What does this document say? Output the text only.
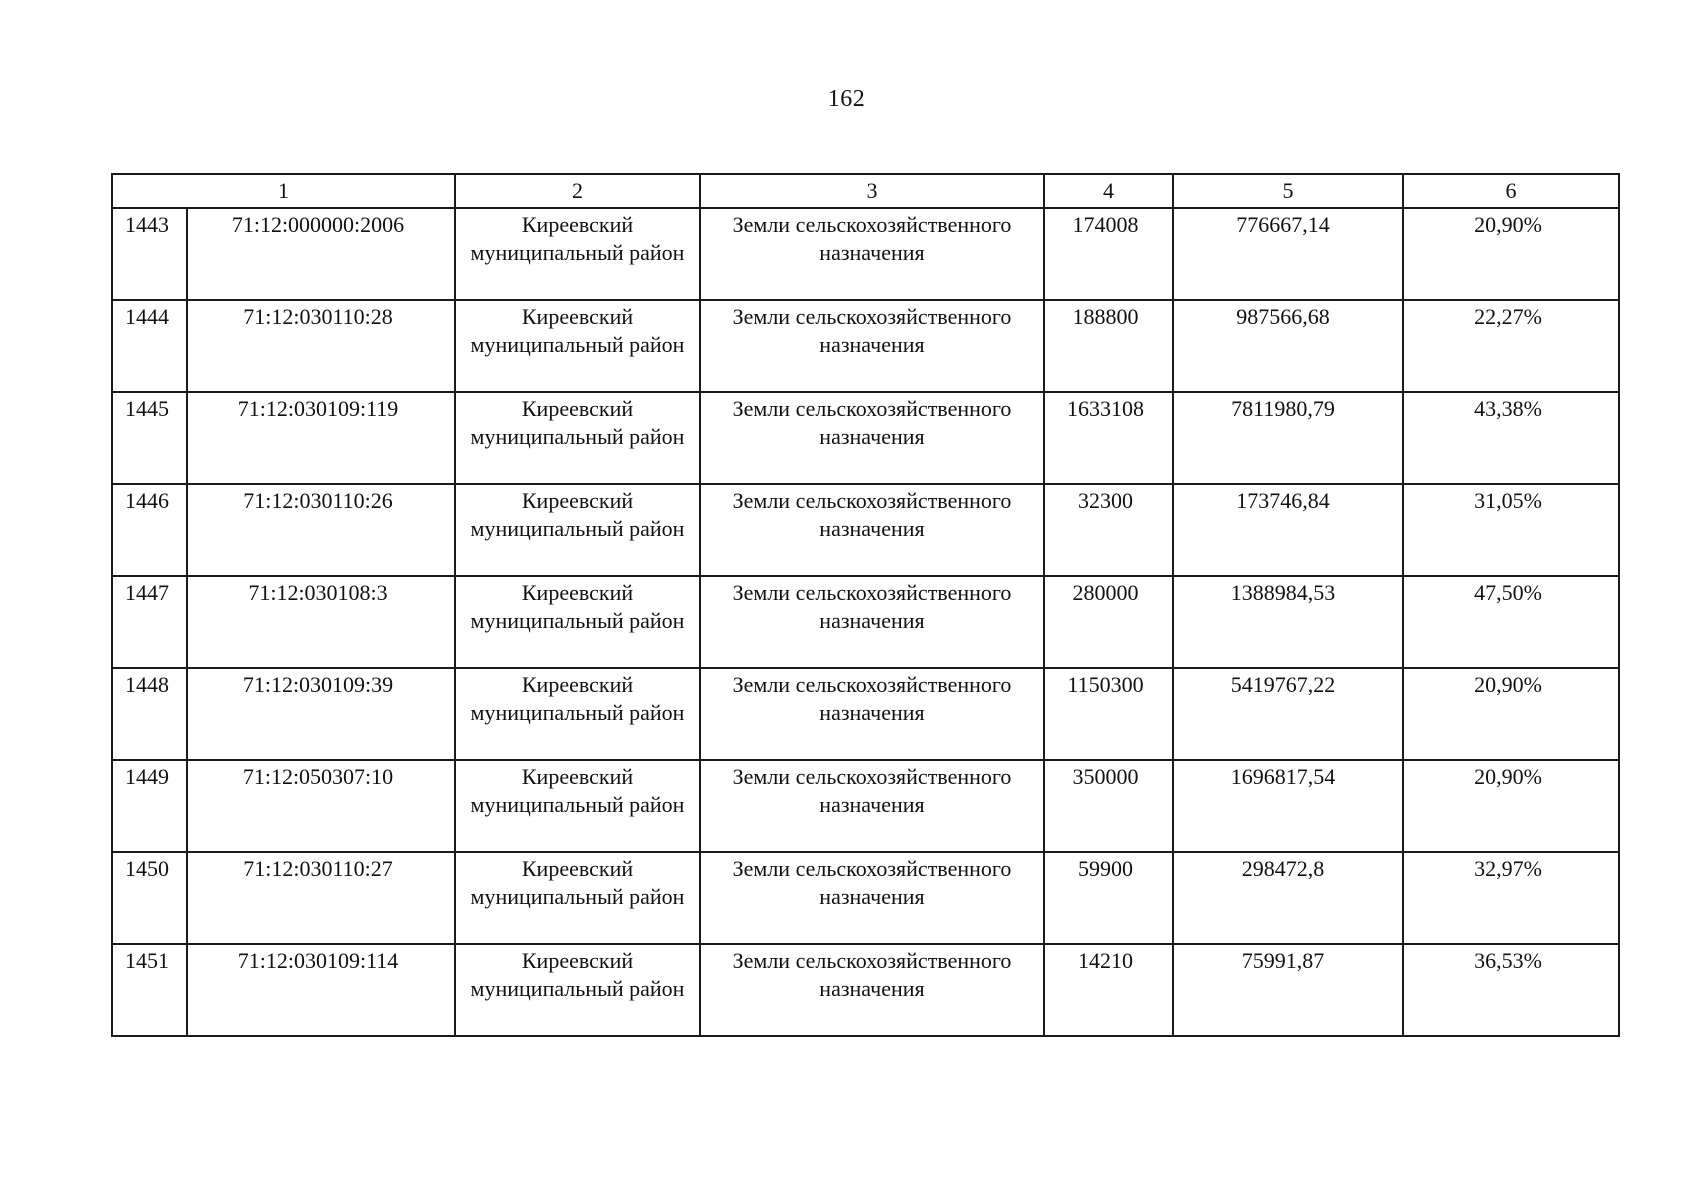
162
1		2	3	4	5	6
1443	71:12:000000:2006	Киреевский муниципальный район	Земли сельскохозяйственного назначения	174008	776667,14	20,90%
1444	71:12:030110:28	Киреевский муниципальный район	Земли сельскохозяйственного назначения	188800	987566,68	22,27%
1445	71:12:030109:119	Киреевский муниципальный район	Земли сельскохозяйственного назначения	1633108	7811980,79	43,38%
1446	71:12:030110:26	Киреевский муниципальный район	Земли сельскохозяйственного назначения	32300	173746,84	31,05%
1447	71:12:030108:3	Киреевский муниципальный район	Земли сельскохозяйственного назначения	280000	1388984,53	47,50%
1448	71:12:030109:39	Киреевский муниципальный район	Земли сельскохозяйственного назначения	1150300	5419767,22	20,90%
1449	71:12:050307:10	Киреевский муниципальный район	Земли сельскохозяйственного назначения	350000	1696817,54	20,90%
1450	71:12:030110:27	Киреевский муниципальный район	Земли сельскохозяйственного назначения	59900	298472,8	32,97%
1451	71:12:030109:114	Киреевский муниципальный район	Земли сельскохозяйственного назначения	14210	75991,87	36,53%
